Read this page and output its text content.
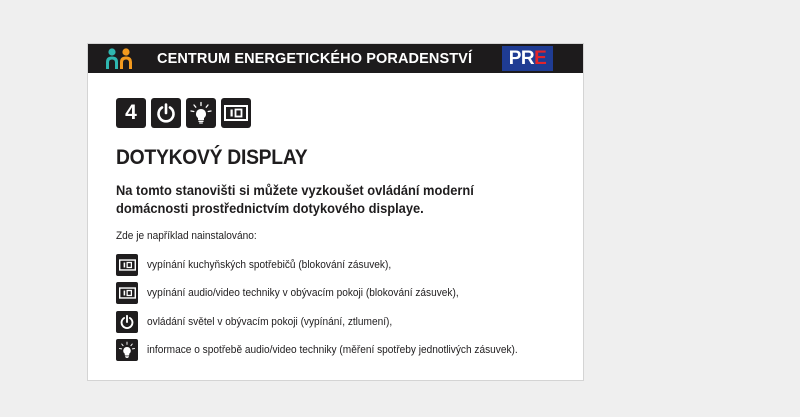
CENTRUM ENERGETICKÉHO PORADENSTVÍ	PRE
4
DOTYKOVÝ DISPLAY
Na tomto stanovišti si můžete vyzkoušet ovládání moderní domácnosti prostřednictvím dotykového displaye.
Zde je například nainstalováno:
vypínání kuchyňských spotřebičů (blokování zásuvek),
vypínání audio/video techniky v obývacím pokoji (blokování zásuvek),
ovládání světel v obývacím pokoji (vypínání, ztlumení),
informace o spotřebě audio/video techniky (měření spotřeby jednotlivých zásuvek).
